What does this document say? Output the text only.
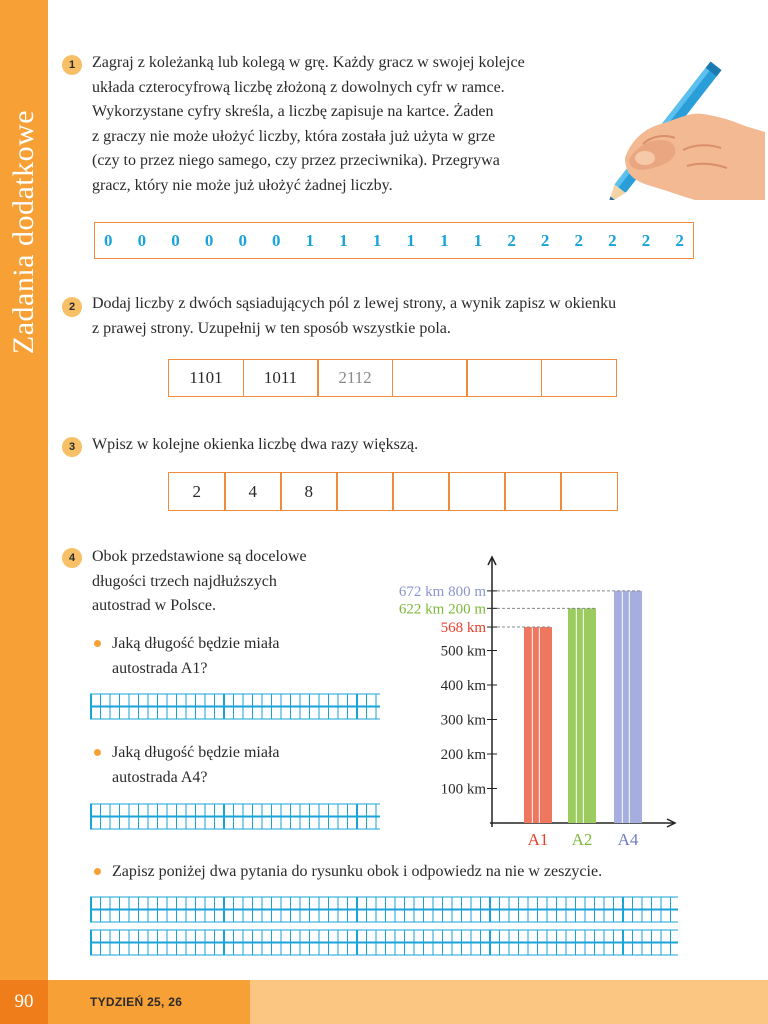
Zadania dodatkowe
90	TYDZIEŃ 25, 26
1	Zagraj z koleżanką lub kolegą w grę. Każdy gracz w swojej kolejce
układa czterocyfrową liczbę złożoną z dowolnych cyfr w ramce.
Wykorzystane cyfry skreśla, a liczbę zapisuje na kartce. Żaden
z graczy nie może ułożyć liczby, która została już użyta w grze
(czy to przez niego samego, czy przez przeciwnika). Przegrywa
gracz, który nie może już ułożyć żadnej liczby.
0 0 0 0 0 0 1 1 1 1 1 1 2 2 2 2 2 2
2	Dodaj liczby z dwóch sąsiadujących pól z lewej strony, a wynik zapisz w okienku
z prawej strony. Uzupełnij w ten sposób wszystkie pola.
1101	1011	2112
3	Wpisz w kolejne okienka liczbę dwa razy większą.
2	4	8
4	Obok przedstawione są docelowe
długości trzech najdłuższych
autostrad w Polsce.
Jaką długość będzie miała
autostrada A1?
Jaką długość będzie miała
autostrada A4?
Zapisz poniżej dwa pytania do rysunku obok i odpowiedz na nie w zeszycie.
100 km
200 km
300 km
400 km
500 km
568 km
A1
622 km 200 m
A2
672 km 800 m
A4
